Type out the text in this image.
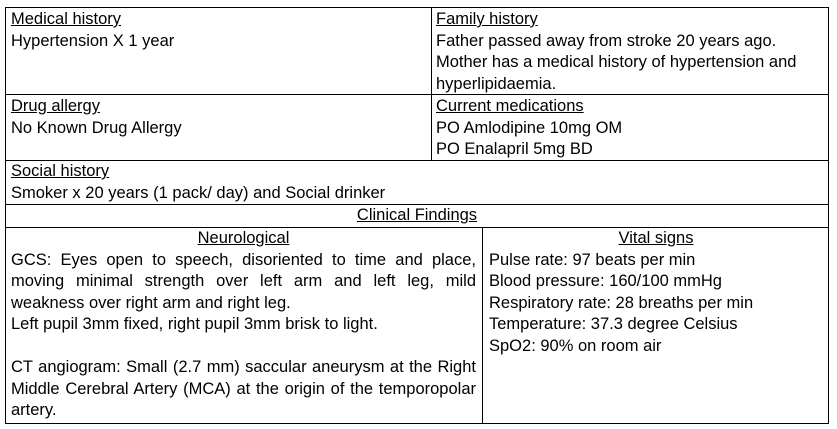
Medical history
Hypertension X 1 year
Family history
Father passed away from stroke 20 years ago. Mother has a medical history of hypertension and hyperlipidaemia.
Drug allergy
No Known Drug Allergy
Current medications
PO Amlodipine 10mg OM
PO Enalapril 5mg BD
Social history
Smoker x 20 years (1 pack/ day) and Social drinker
Clinical Findings
Neurological
GCS: Eyes open to speech, disoriented to time and place, moving minimal strength over left arm and left leg, mild weakness over right arm and right leg.
Left pupil 3mm fixed, right pupil 3mm brisk to light.
CT angiogram: Small (2.7 mm) saccular aneurysm at the Right Middle Cerebral Artery (MCA) at the origin of the temporopolar artery.
Vital signs
Pulse rate: 97 beats per min
Blood pressure: 160/100 mmHg
Respiratory rate: 28 breaths per min
Temperature: 37.3 degree Celsius
SpO2: 90% on room air
